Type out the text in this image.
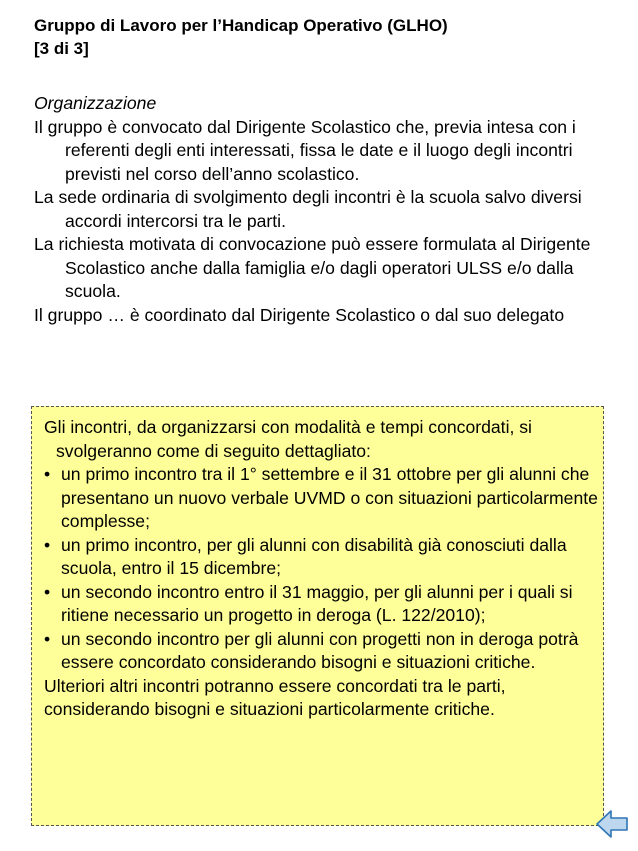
Gruppo di Lavoro per l’Handicap Operativo (GLHO)
[3 di 3]
Organizzazione

Il gruppo è convocato dal Dirigente Scolastico che, previa intesa con i referenti degli enti interessati, fissa le date e il luogo degli incontri previsti nel corso dell’anno scolastico.

La sede ordinaria di svolgimento degli incontri è la scuola salvo diversi accordi intercorsi tra le parti.

La richiesta motivata di convocazione può essere formulata al Dirigente Scolastico anche dalla famiglia e/o dagli operatori ULSS e/o dalla scuola.

Il gruppo … è coordinato dal Dirigente Scolastico o dal suo delegato

Gli incontri, da organizzarsi con modalità e tempi concordati, si svolgeranno come di seguito dettagliato:

• un primo incontro tra il 1° settembre e il 31 ottobre per gli alunni che presentano un nuovo verbale UVMD o con situazioni particolarmente complesse;
• un primo incontro, per gli alunni con disabilità già conosciuti dalla scuola, entro il 15 dicembre;
• un secondo incontro entro il 31 maggio, per gli alunni per i quali si ritiene necessario un progetto in deroga (L. 122/2010);
• un secondo incontro per gli alunni con progetti non in deroga potrà essere concordato considerando bisogni e situazioni critiche.

Ulteriori altri incontri potranno essere concordati tra le parti, considerando bisogni e situazioni particolarmente critiche.
